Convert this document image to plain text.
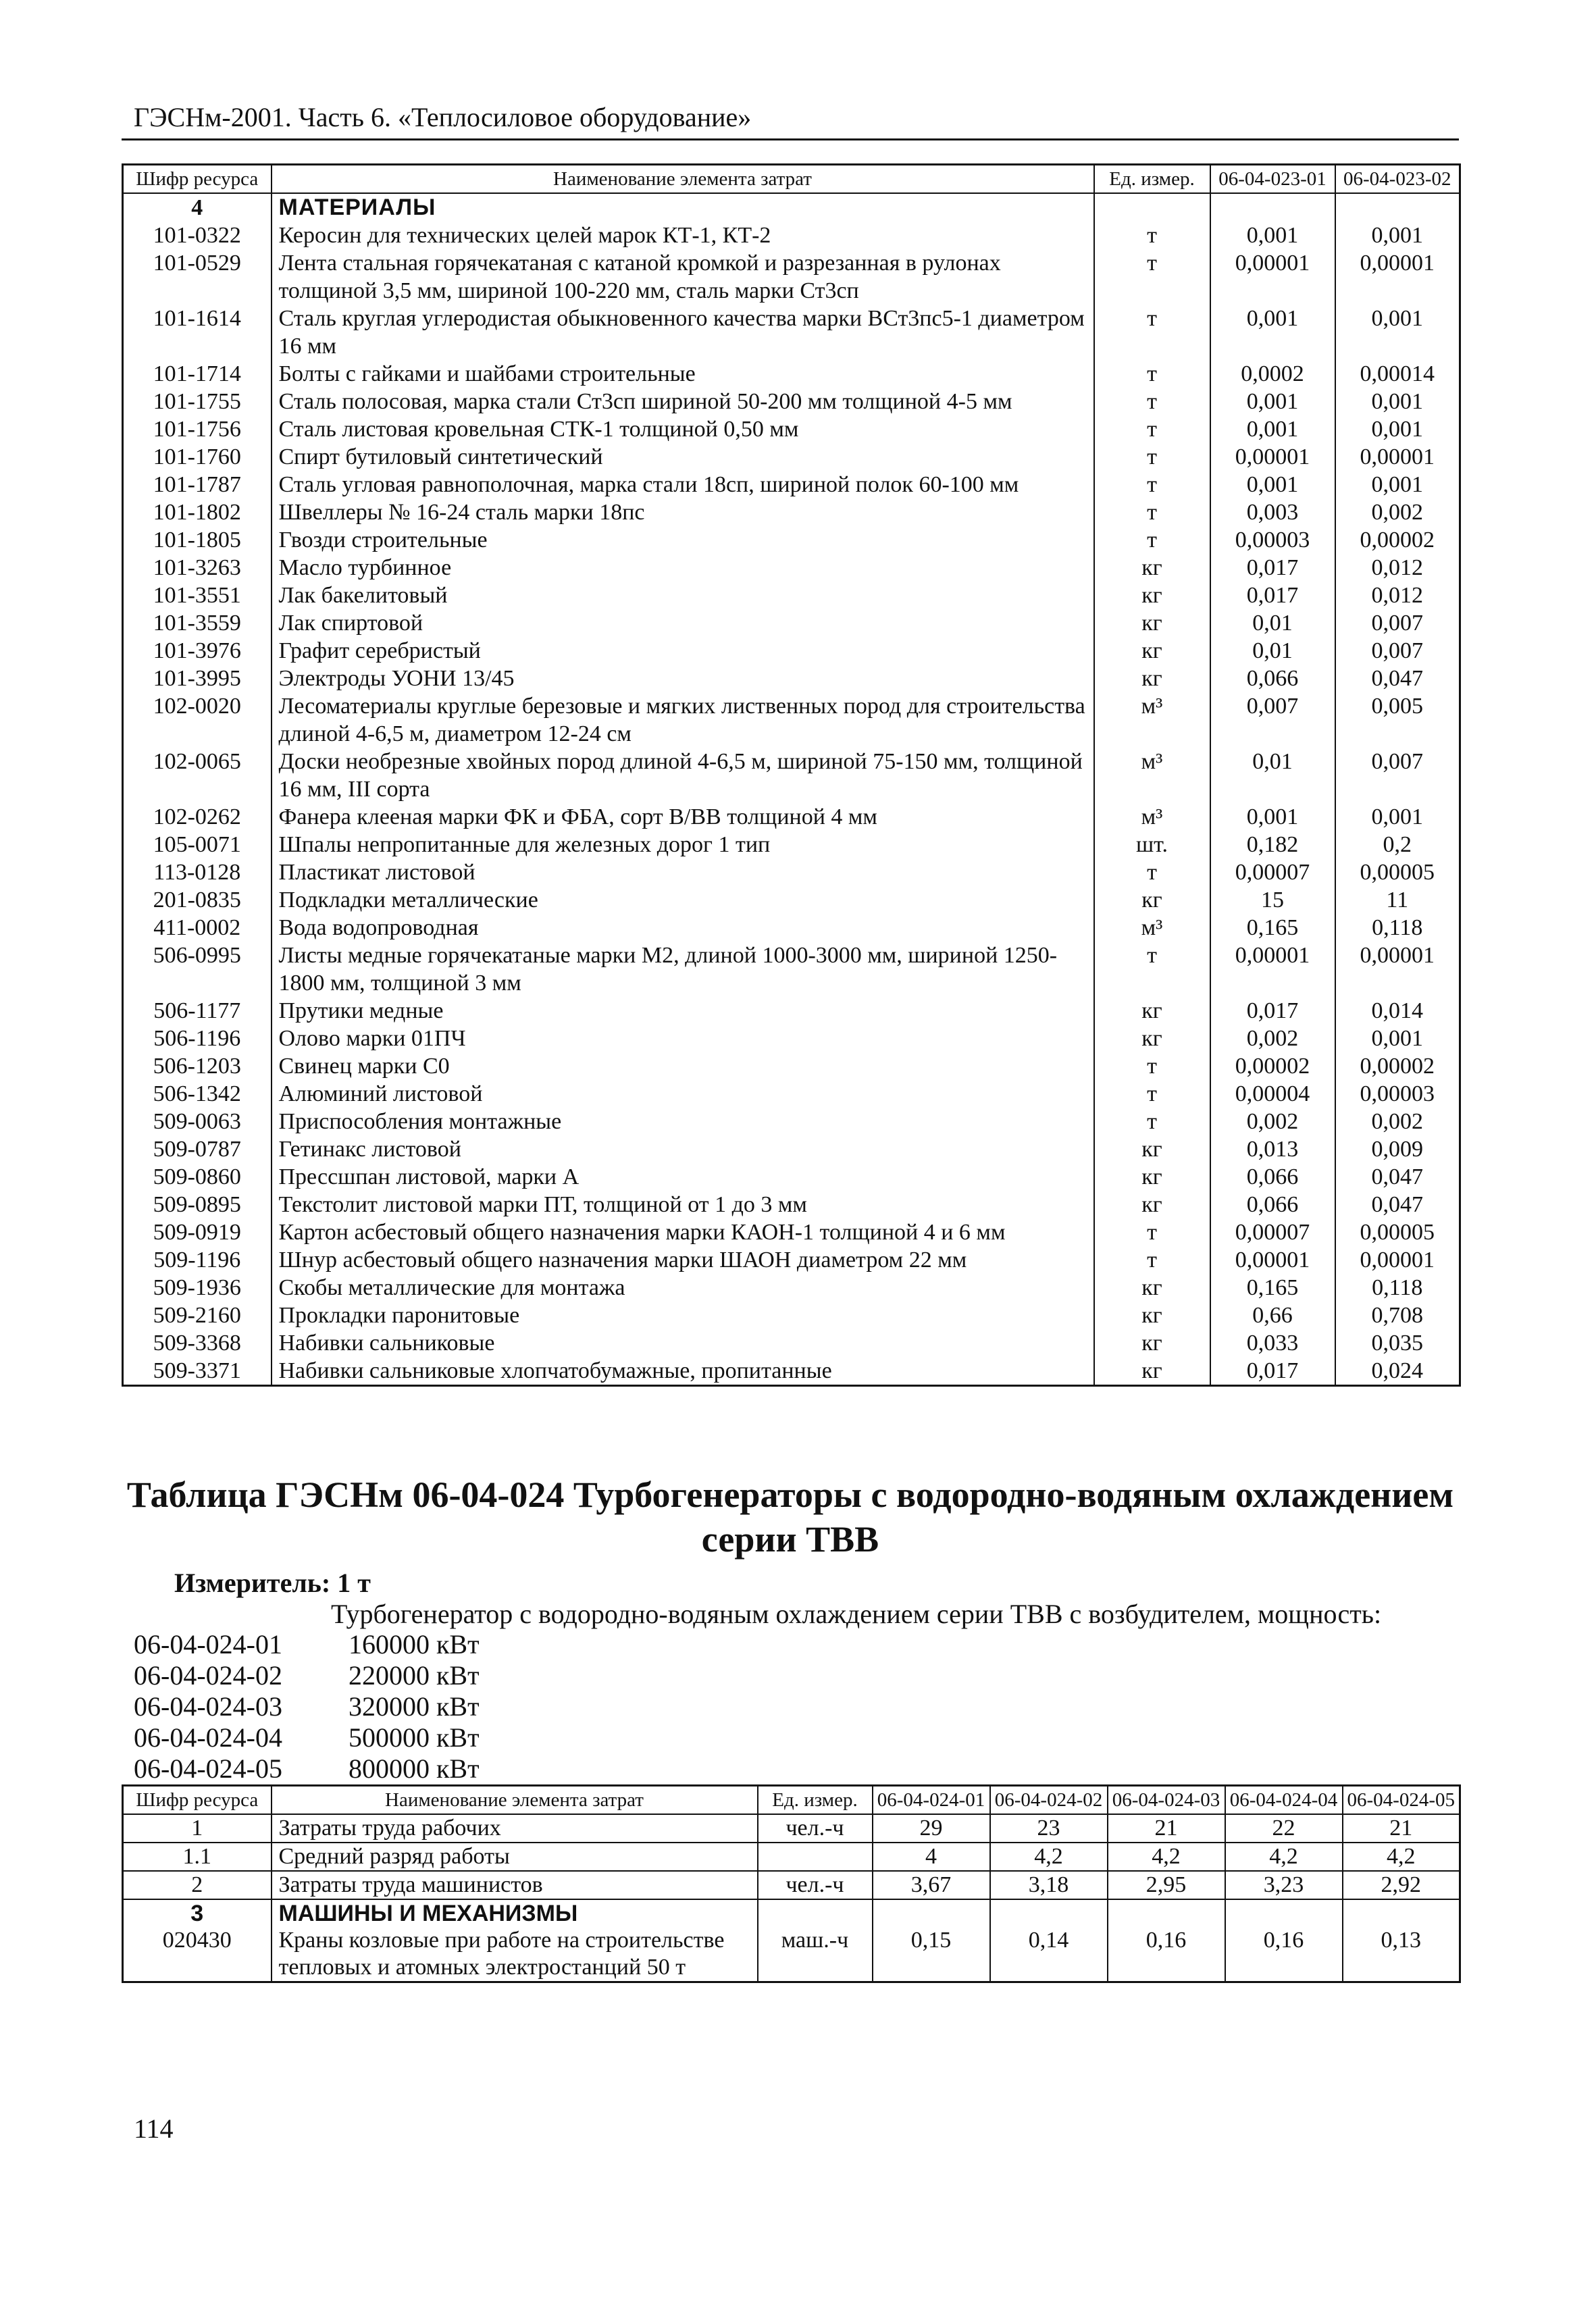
ГЭСНм-2001. Часть 6. «Теплосиловое оборудование»
Шифр ресурса	Наименование элемента затрат	Ед. измер.	06-04-023-01	06-04-023-02
4	МАТЕРИАЛЫ			
101-0322	Керосин для технических целей марок КТ-1, КТ-2	т	0,001	0,001
101-0529	Лента стальная горячекатаная с катаной кромкой и разрезанная в рулонах толщиной 3,5 мм, шириной 100-220 мм, сталь марки Ст3сп	т	0,00001	0,00001
101-1614	Сталь круглая углеродистая обыкновенного качества марки ВСт3пс5-1 диаметром 16 мм	т	0,001	0,001
101-1714	Болты с гайками и шайбами строительные	т	0,0002	0,00014
101-1755	Сталь полосовая, марка стали Ст3сп шириной 50-200 мм толщиной 4-5 мм	т	0,001	0,001
101-1756	Сталь листовая кровельная СТК-1 толщиной 0,50 мм	т	0,001	0,001
101-1760	Спирт бутиловый синтетический	т	0,00001	0,00001
101-1787	Сталь угловая равнополочная, марка стали 18сп, шириной полок 60-100 мм	т	0,001	0,001
101-1802	Швеллеры № 16-24 сталь марки 18пс	т	0,003	0,002
101-1805	Гвозди строительные	т	0,00003	0,00002
101-3263	Масло турбинное	кг	0,017	0,012
101-3551	Лак бакелитовый	кг	0,017	0,012
101-3559	Лак спиртовой	кг	0,01	0,007
101-3976	Графит серебристый	кг	0,01	0,007
101-3995	Электроды УОНИ 13/45	кг	0,066	0,047
102-0020	Лесоматериалы круглые березовые и мягких лиственных пород для строительства длиной 4-6,5 м, диаметром 12-24 см	м³	0,007	0,005
102-0065	Доски необрезные хвойных пород длиной 4-6,5 м, шириной 75-150 мм, толщиной 16 мм, III сорта	м³	0,01	0,007
102-0262	Фанера клееная марки ФК и ФБА, сорт В/ВВ толщиной 4 мм	м³	0,001	0,001
105-0071	Шпалы непропитанные для железных дорог 1 тип	шт.	0,182	0,2
113-0128	Пластикат листовой	т	0,00007	0,00005
201-0835	Подкладки металлические	кг	15	11
411-0002	Вода водопроводная	м³	0,165	0,118
506-0995	Листы медные горячекатаные марки М2, длиной 1000-3000 мм, шириной 1250-1800 мм, толщиной 3 мм	т	0,00001	0,00001
506-1177	Прутики медные	кг	0,017	0,014
506-1196	Олово марки 01ПЧ	кг	0,002	0,001
506-1203	Свинец марки С0	т	0,00002	0,00002
506-1342	Алюминий листовой	т	0,00004	0,00003
509-0063	Приспособления монтажные	т	0,002	0,002
509-0787	Гетинакс листовой	кг	0,013	0,009
509-0860	Прессшпан листовой, марки А	кг	0,066	0,047
509-0895	Текстолит листовой марки ПТ, толщиной от 1 до 3 мм	кг	0,066	0,047
509-0919	Картон асбестовый общего назначения марки КАОН-1 толщиной 4 и 6 мм	т	0,00007	0,00005
509-1196	Шнур асбестовый общего назначения марки ШАОН диаметром 22 мм	т	0,00001	0,00001
509-1936	Скобы металлические для монтажа	кг	0,165	0,118
509-2160	Прокладки паронитовые	кг	0,66	0,708
509-3368	Набивки сальниковые	кг	0,033	0,035
509-3371	Набивки сальниковые хлопчатобумажные, пропитанные	кг	0,017	0,024
Таблица ГЭСНм 06-04-024 Турбогенераторы с водородно-водяным охлаждением серии ТВВ
Измеритель: 1 т
Турбогенератор с водородно-водяным охлаждением серии ТВВ с возбудителем, мощность:
06-04-024-01	160000 кВт
06-04-024-02	220000 кВт
06-04-024-03	320000 кВт
06-04-024-04	500000 кВт
06-04-024-05	800000 кВт
Шифр ресурса	Наименование элемента затрат	Ед. измер.	06-04-024-01	06-04-024-02	06-04-024-03	06-04-024-04	06-04-024-05
1	Затраты труда рабочих	чел.-ч	29	23	21	22	21
1.1	Средний разряд работы		4	4,2	4,2	4,2	4,2
2	Затраты труда машинистов	чел.-ч	3,67	3,18	2,95	3,23	2,92
3	МАШИНЫ И МЕХАНИЗМЫ						
020430	Краны козловые при работе на строительстве тепловых и атомных электростанций 50 т	маш.-ч	0,15	0,14	0,16	0,16	0,13
114
